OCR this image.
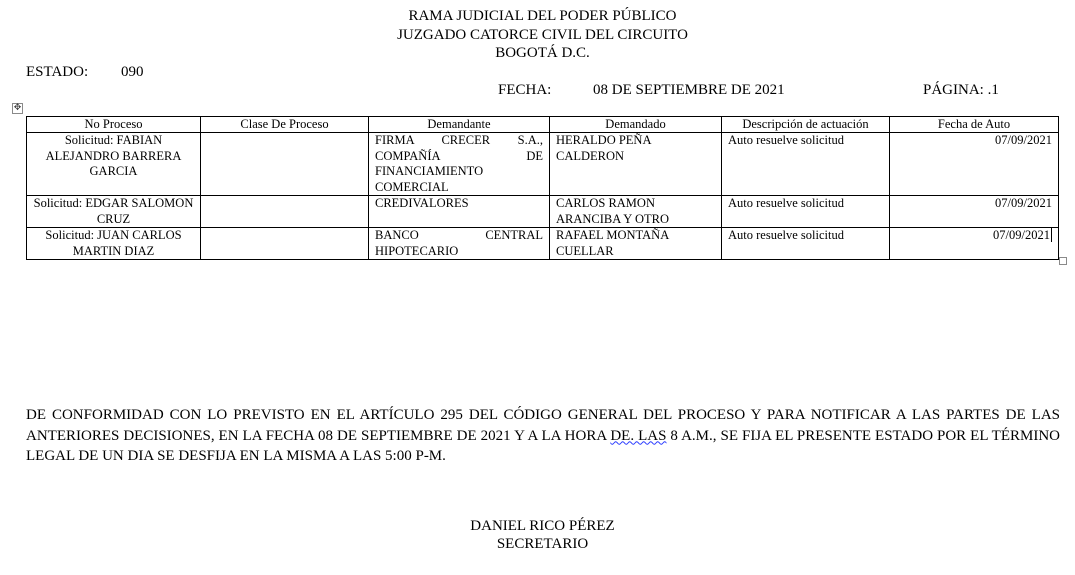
RAMA JUDICIAL DEL PODER PÚBLICO
JUZGADO CATORCE CIVIL DEL CIRCUITO
BOGOTÁ D.C.
ESTADO: 090
FECHA:	08 DE SEPTIEMBRE DE 2021	PÁGINA: .1
✥
No Proceso	Clase De Proceso	Demandante	Demandado	Descripción de actuación	Fecha de Auto
Solicitud: FABIAN ALEJANDRO BARRERA GARCIA		FIRMA CRECER S.A., COMPAÑÍA DE FINANCIAMIENTO COMERCIAL	HERALDO PEÑA CALDERON	Auto resuelve solicitud	07/09/2021
Solicitud: EDGAR SALOMON CRUZ		CREDIVALORES	CARLOS RAMON ARANCIBA Y OTRO	Auto resuelve solicitud	07/09/2021
Solicitud: JUAN CARLOS MARTIN DIAZ		BANCO CENTRAL HIPOTECARIO	RAFAEL MONTAÑA CUELLAR	Auto resuelve solicitud	07/09/2021
DE CONFORMIDAD CON LO PREVISTO EN EL ARTÍCULO 295 DEL CÓDIGO GENERAL DEL PROCESO Y PARA NOTIFICAR A LAS PARTES DE LAS ANTERIORES DECISIONES, EN LA FECHA 08 DE SEPTIEMBRE DE 2021 Y A LA HORA DE. LAS 8 A.M., SE FIJA EL PRESENTE ESTADO POR EL TÉRMINO LEGAL DE UN DIA SE DESFIJA EN LA MISMA A LAS 5:00 P-M.
DANIEL RICO PÉREZ
SECRETARIO
